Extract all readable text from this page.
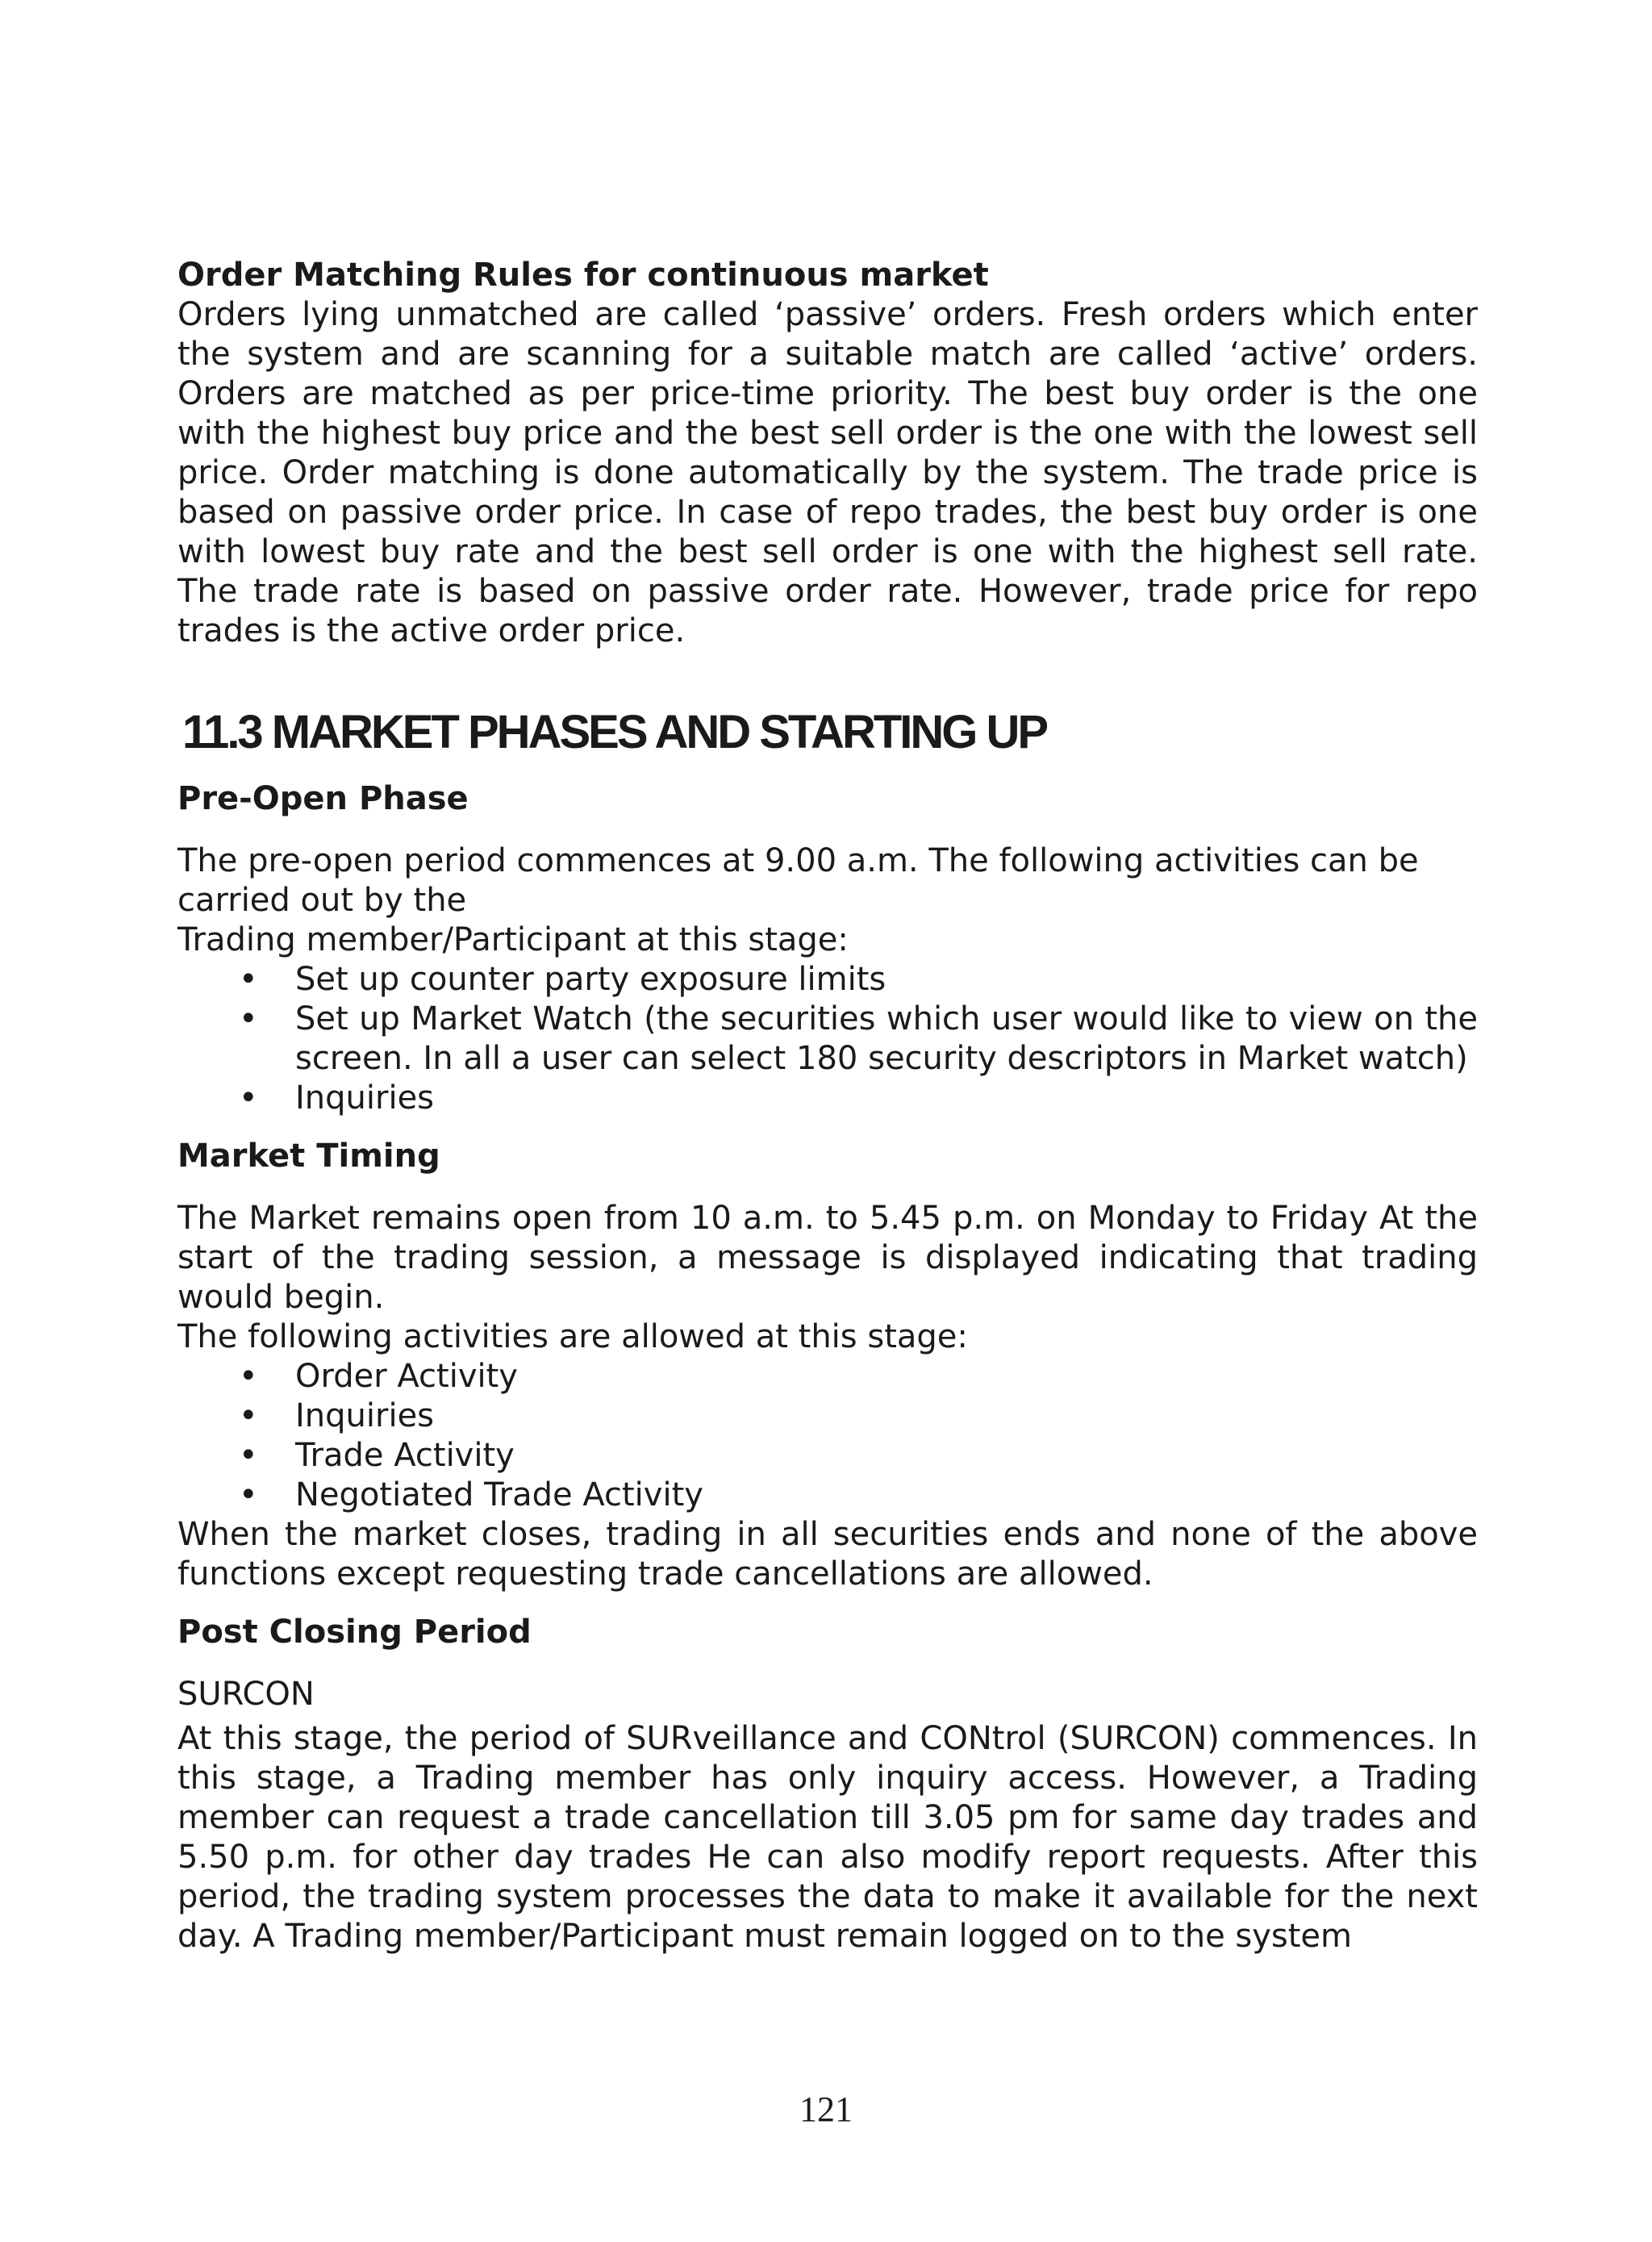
Order Matching Rules for continuous market

Orders lying unmatched are called ‘passive’ orders. Fresh orders which enter the system and are scanning for a suitable match are called ‘active’ orders. Orders are matched as per price-time priority. The best buy order is the one with the highest buy price and the best sell order is the one with the lowest sell price. Order matching is done automatically by the system. The trade price is based on passive order price. In case of repo trades, the best buy order is one with lowest buy rate and the best sell order is one with the highest sell rate. The trade rate is based on passive order rate. However, trade price for repo trades is the active order price.

11.3 MARKET PHASES AND STARTING UP
Pre-Open Phase

The pre-open period commences at 9.00 a.m. The following activities can be carried out by the

Trading member/Participant at this stage:

• Set up counter party exposure limits
• Set up Market Watch (the securities which user would like to view on the screen. In all a user can select 180 security descriptors in Market watch)
• Inquiries
Market Timing

The Market remains open from 10 a.m. to 5.45 p.m. on Monday to Friday At the start of the trading session, a message is displayed indicating that trading would begin.

The following activities are allowed at this stage:

• Order Activity
• Inquiries
• Trade Activity
• Negotiated Trade Activity

When the market closes, trading in all securities ends and none of the above functions except requesting trade cancellations are allowed.

Post Closing Period

SURCON

At this stage, the period of SURveillance and CONtrol (SURCON) commences. In this stage, a Trading member has only inquiry access. However, a Trading member can request a trade cancellation till 3.05 pm for same day trades and 5.50 p.m. for other day trades He can also modify report requests. After this period, the trading system processes the data to make it available for the next day. A Trading member/Participant must remain logged on to the system

121
